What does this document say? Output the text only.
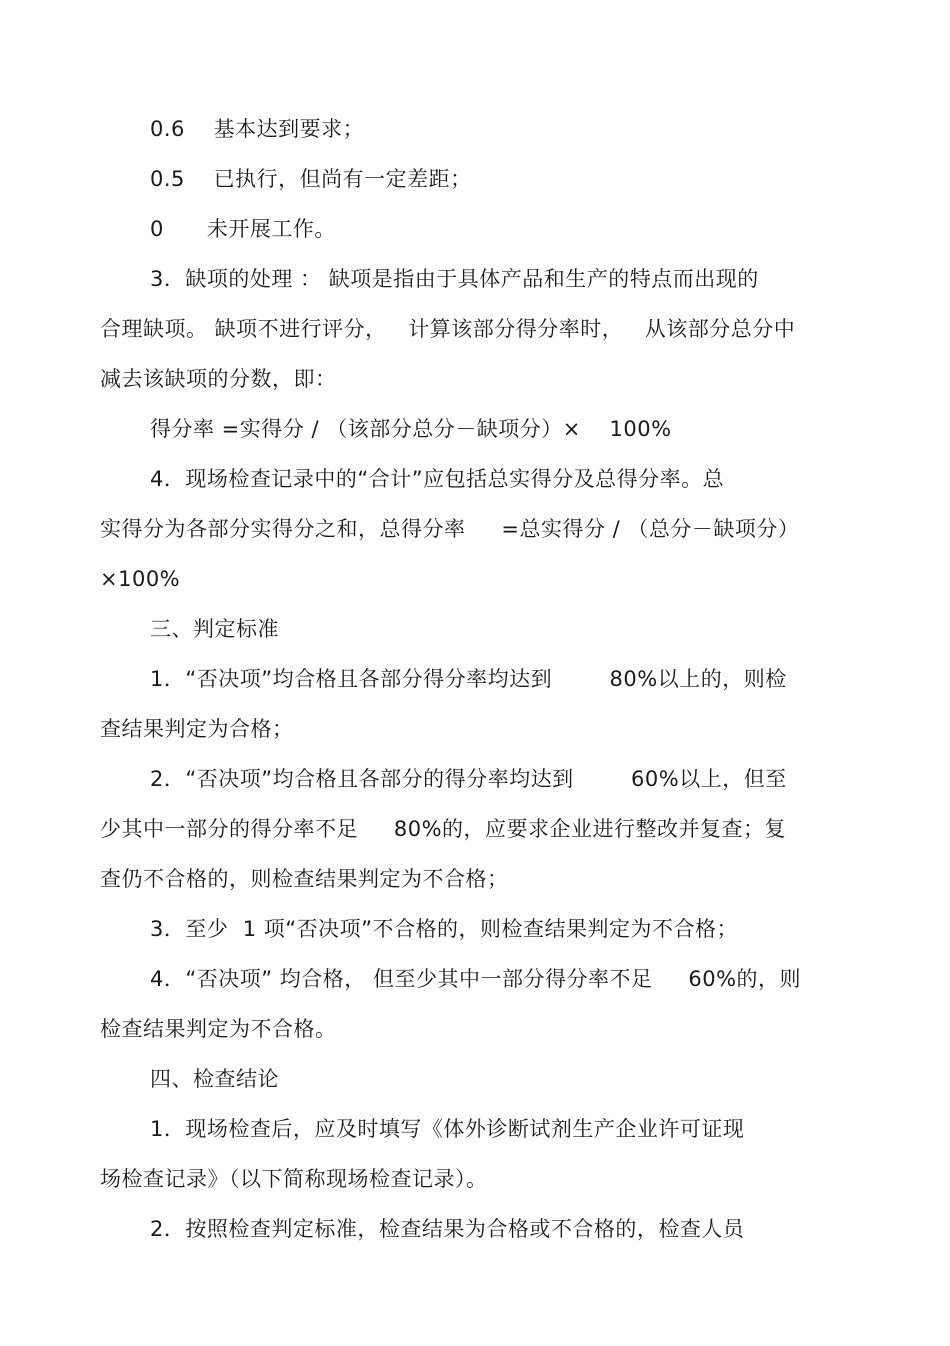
0.6    基本达到要求；
0.5    已执行，但尚有一定差距；
0      未开展工作。
3．缺项的处理 ： 缺项是指由于具体产品和生产的特点而出现的
合理缺项。 缺项不进行评分，   计算该部分得分率时，   从该部分总分中
减去该缺项的分数，即：
得分率 =实得分 / （该部分总分－缺项分）×    100%
4．现场检查记录中的“合计”应包括总实得分及总得分率。总
实得分为各部分实得分之和，总得分率     =总实得分 / （总分－缺项分）
×100%
三、判定标准
1．“否决项”均合格且各部分得分率均达到        80%以上的，则检
查结果判定为合格；
2．“否决项”均合格且各部分的得分率均达到        60%以上，但至
少其中一部分的得分率不足     80%的，应要求企业进行整改并复查；复
查仍不合格的，则检查结果判定为不合格；
3．至少  1 项“否决项”不合格的，则检查结果判定为不合格；
4．“否决项” 均合格， 但至少其中一部分得分率不足     60%的，则
检查结果判定为不合格。
四、检查结论
1．现场检查后，应及时填写《体外诊断试剂生产企业许可证现
场检查记录》（以下简称现场检查记录）。
2．按照检查判定标准，检查结果为合格或不合格的，检查人员
